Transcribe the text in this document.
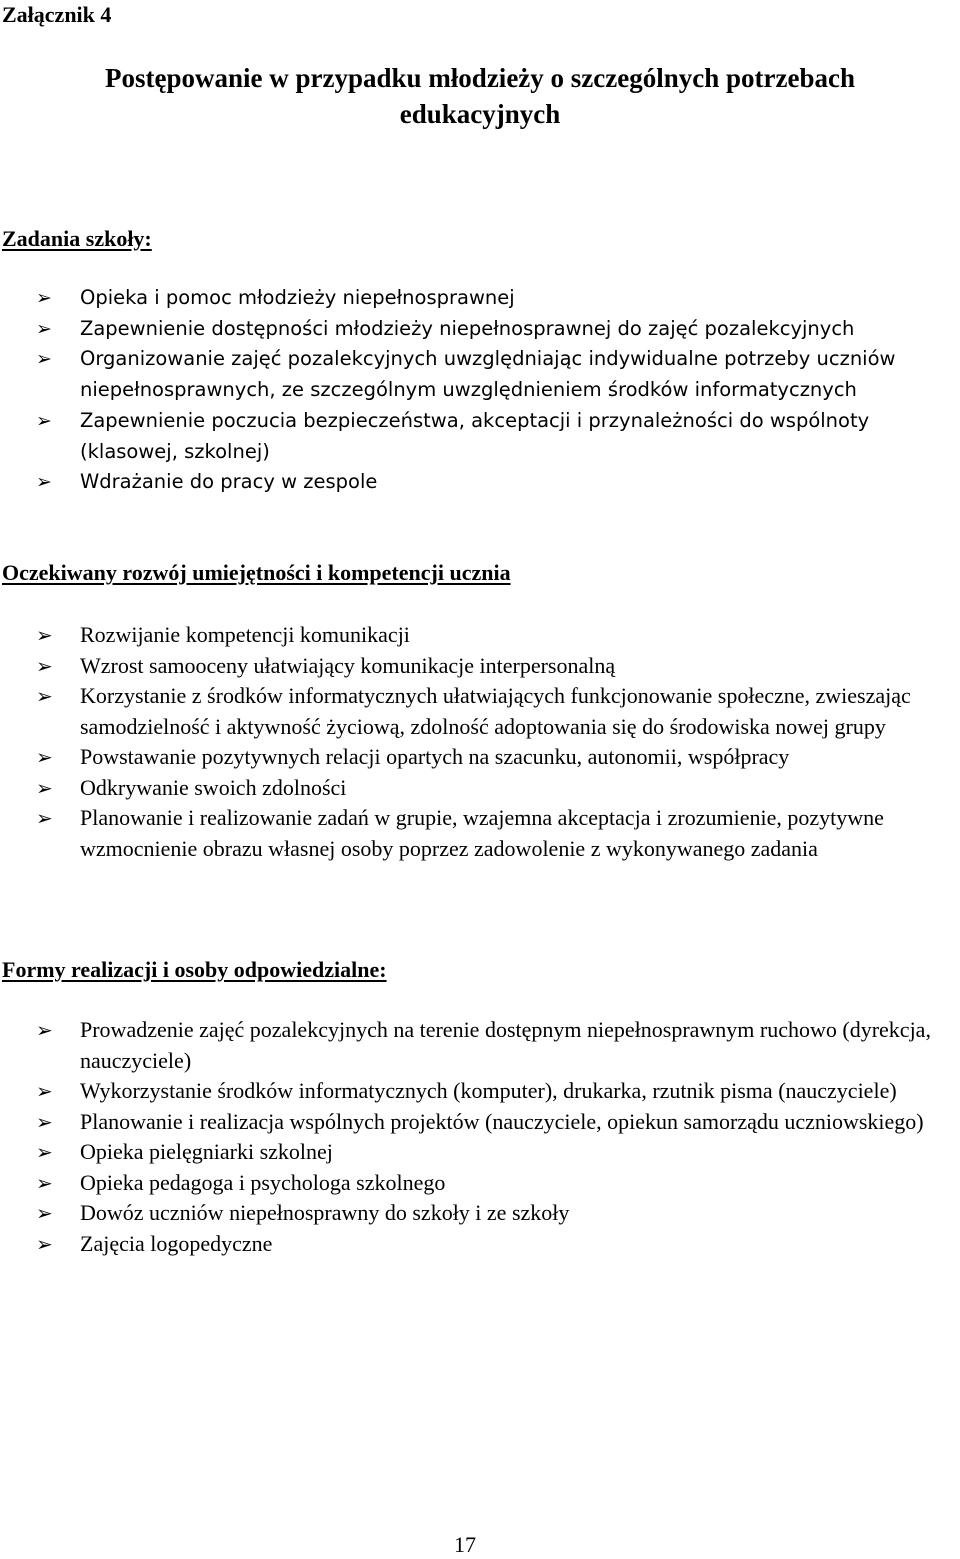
Załącznik 4
Postępowanie w przypadku młodzieży o szczególnych potrzebach
edukacyjnych
Zadania szkoły:
➢ Opieka i pomoc młodzieży niepełnosprawnej
➢ Zapewnienie dostępności młodzieży niepełnosprawnej do zajęć pozalekcyjnych
➢ Organizowanie zajęć pozalekcyjnych uwzględniając indywidualne potrzeby uczniów niepełnosprawnych, ze szczególnym uwzględnieniem środków informatycznych
➢ Zapewnienie poczucia bezpieczeństwa, akceptacji i przynależności do wspólnoty (klasowej, szkolnej)
➢ Wdrażanie do pracy w zespole
Oczekiwany rozwój umiejętności i kompetencji ucznia
➢ Rozwijanie kompetencji komunikacji
➢ Wzrost samooceny ułatwiający komunikacje interpersonalną
➢ Korzystanie z środków informatycznych ułatwiających funkcjonowanie społeczne, zwieszając samodzielność i aktywność życiową, zdolność adoptowania się do środowiska nowej grupy
➢ Powstawanie pozytywnych relacji opartych na szacunku, autonomii, współpracy
➢ Odkrywanie swoich zdolności
➢ Planowanie i realizowanie zadań w grupie, wzajemna akceptacja i zrozumienie, pozytywne wzmocnienie obrazu własnej osoby poprzez zadowolenie z wykonywanego zadania
Formy realizacji i osoby odpowiedzialne:
➢ Prowadzenie zajęć pozalekcyjnych na terenie dostępnym niepełnosprawnym ruchowo (dyrekcja, nauczyciele)
➢ Wykorzystanie środków informatycznych (komputer), drukarka, rzutnik pisma (nauczyciele)
➢ Planowanie i realizacja wspólnych projektów (nauczyciele, opiekun samorządu uczniowskiego)
➢ Opieka pielęgniarki szkolnej
➢ Opieka pedagoga i psychologa szkolnego
➢ Dowóz uczniów niepełnosprawny do szkoły i ze szkoły
➢ Zajęcia logopedyczne
17
